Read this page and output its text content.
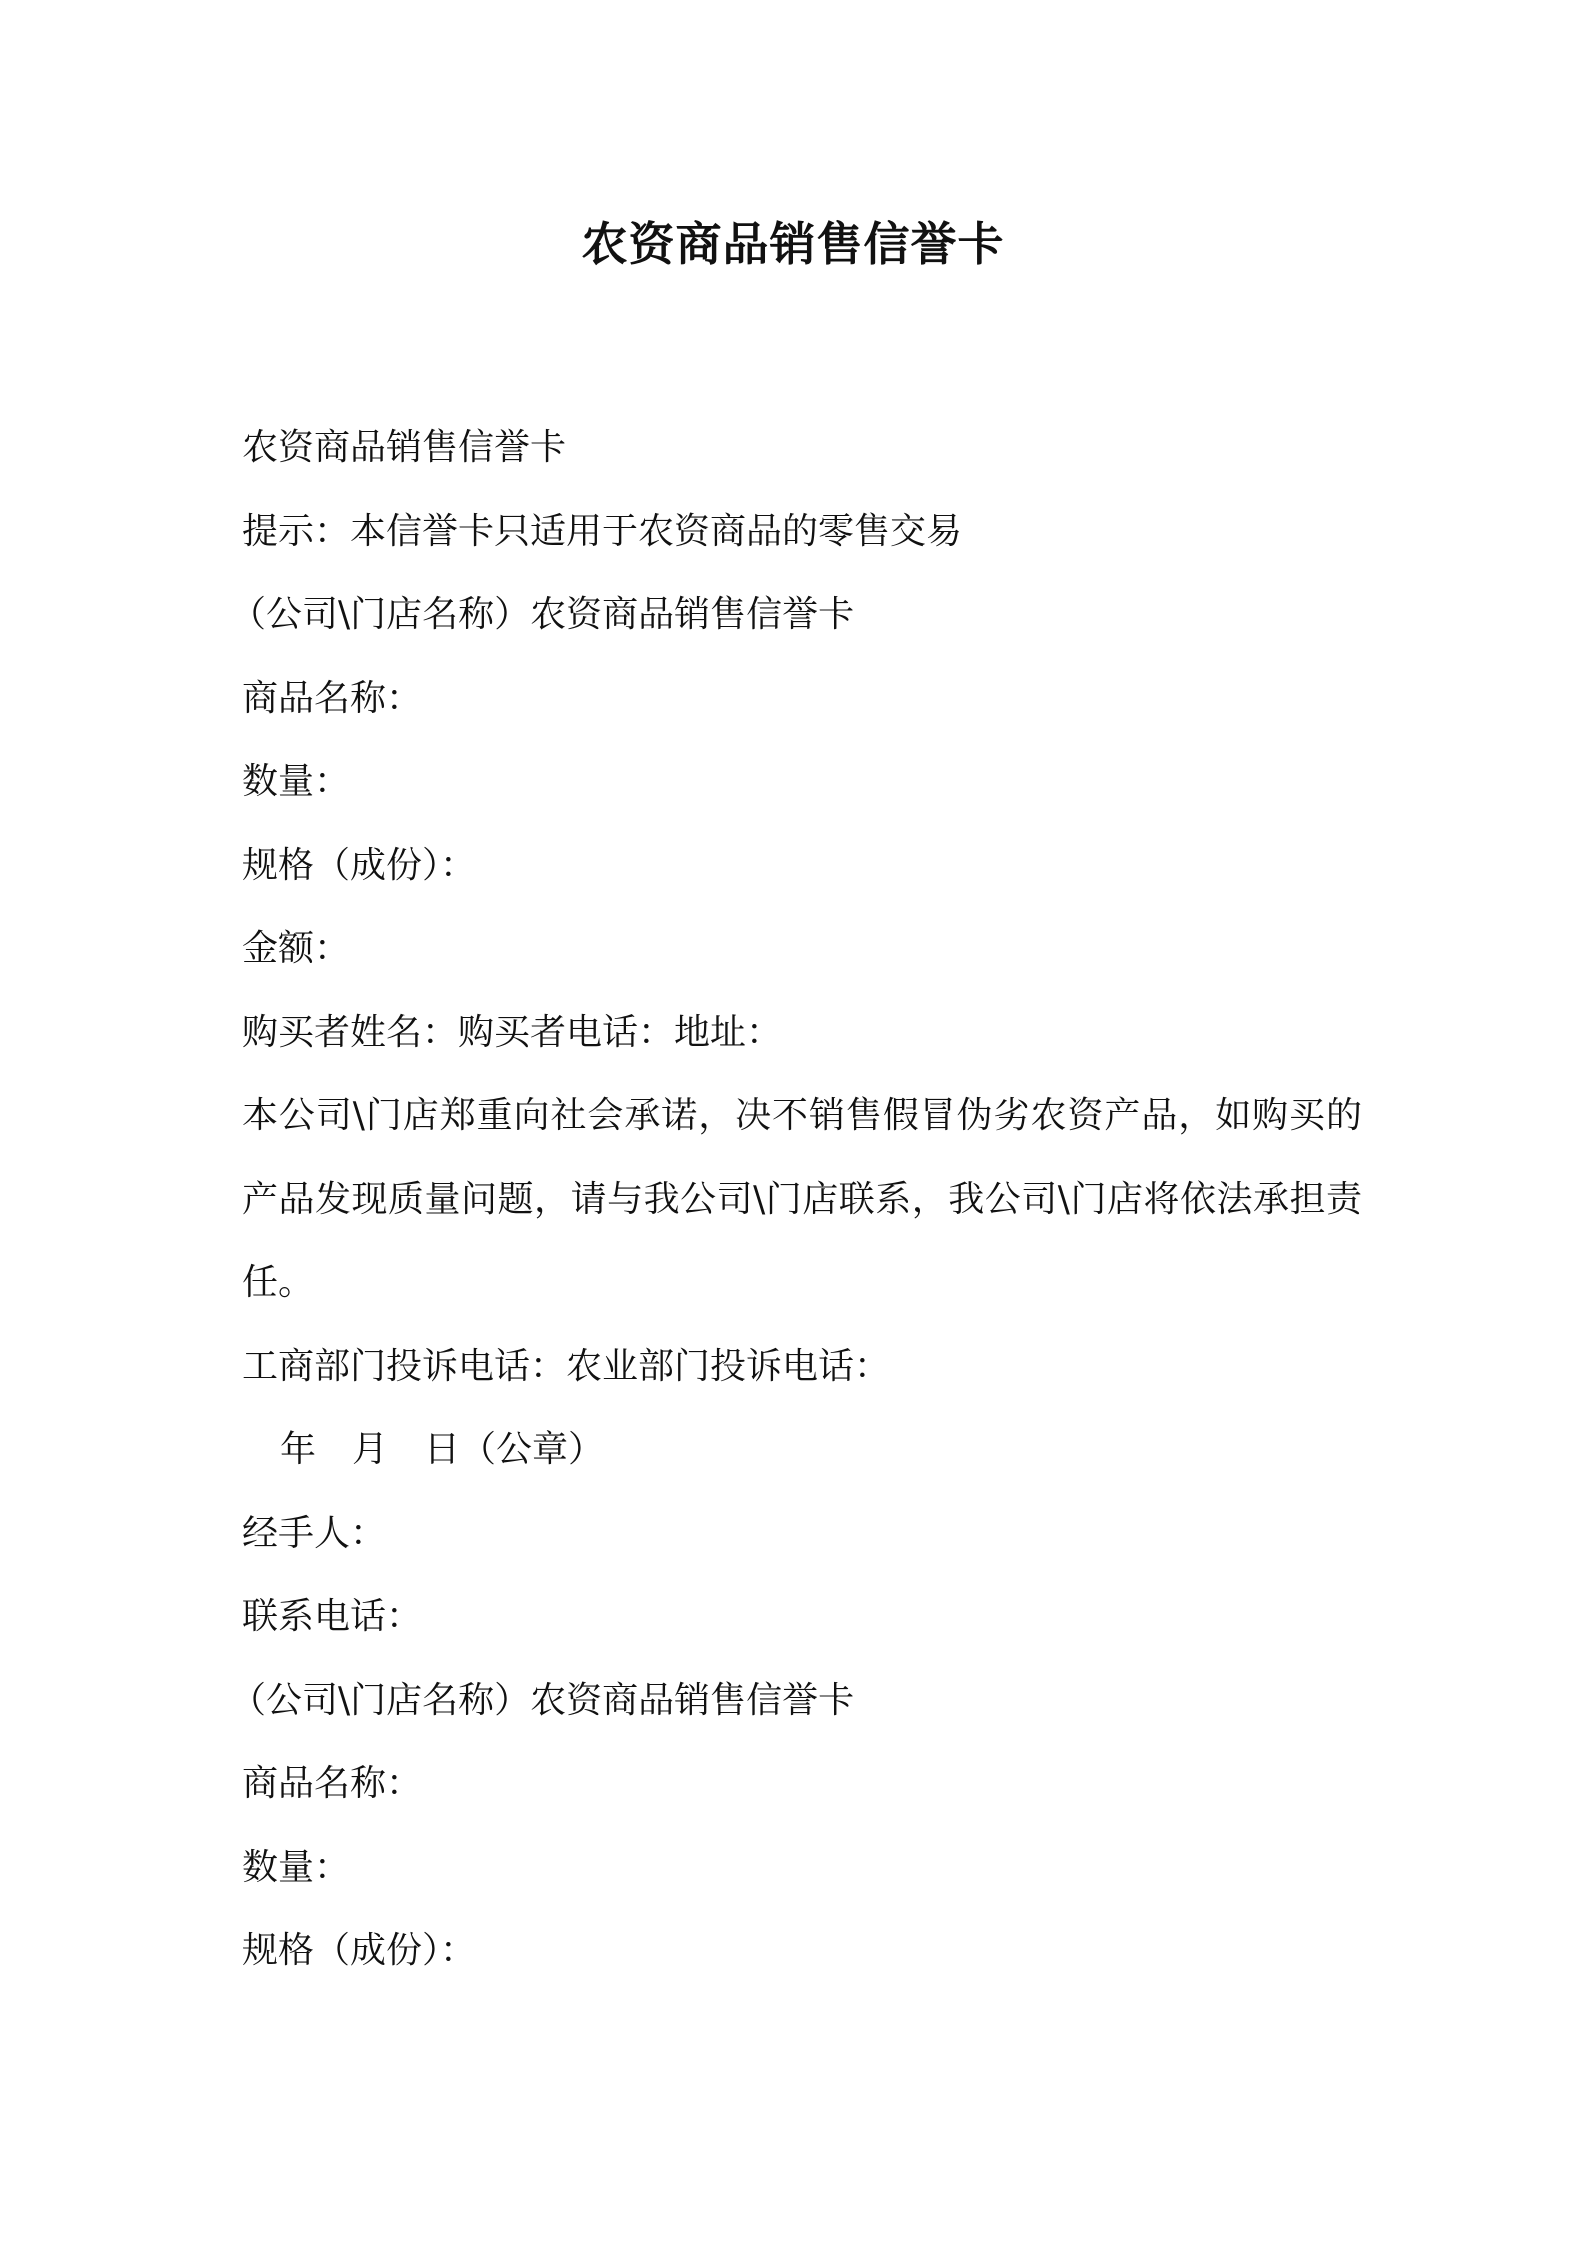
农资商品销售信誉卡
农资商品销售信誉卡
提示：本信誉卡只适用于农资商品的零售交易
（公司\门店名称）农资商品销售信誉卡
商品名称：
数量：
规格（成份）：
金额：
购买者姓名：购买者电话：地址：
本公司\门店郑重向社会承诺，决不销售假冒伪劣农资产品，如购买的产品发现质量问题，请与我公司\门店联系，我公司\门店将依法承担责任。
工商部门投诉电话：农业部门投诉电话：
年　月　日（公章）
经手人：
联系电话：
（公司\门店名称）农资商品销售信誉卡
商品名称：
数量：
规格（成份）：
